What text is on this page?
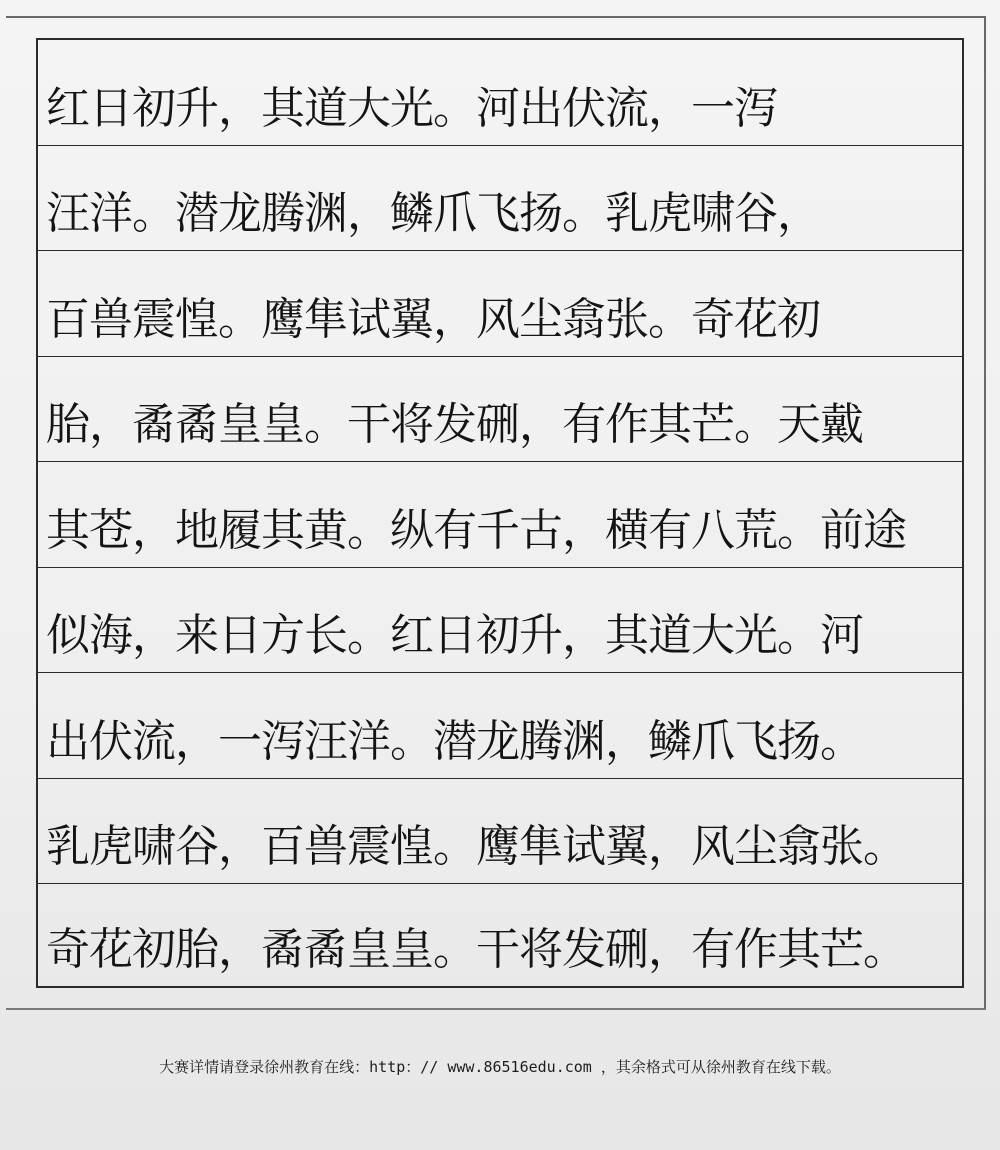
红日初升，其道大光。河出伏流，一泻
汪洋。潜龙腾渊，鳞爪飞扬。乳虎啸谷，
百兽震惶。鹰隼试翼，风尘翕张。奇花初
胎，矞矞皇皇。干将发硎，有作其芒。天戴
其苍，地履其黄。纵有千古，横有八荒。前途
似海，来日方长。红日初升，其道大光。河
出伏流，一泻汪洋。潜龙腾渊，鳞爪飞扬。
乳虎啸谷，百兽震惶。鹰隼试翼，风尘翕张。
奇花初胎，矞矞皇皇。干将发硎，有作其芒。
大赛详情请登录徐州教育在线：http：// www.86516edu.com ，其余格式可从徐州教育在线下载。
